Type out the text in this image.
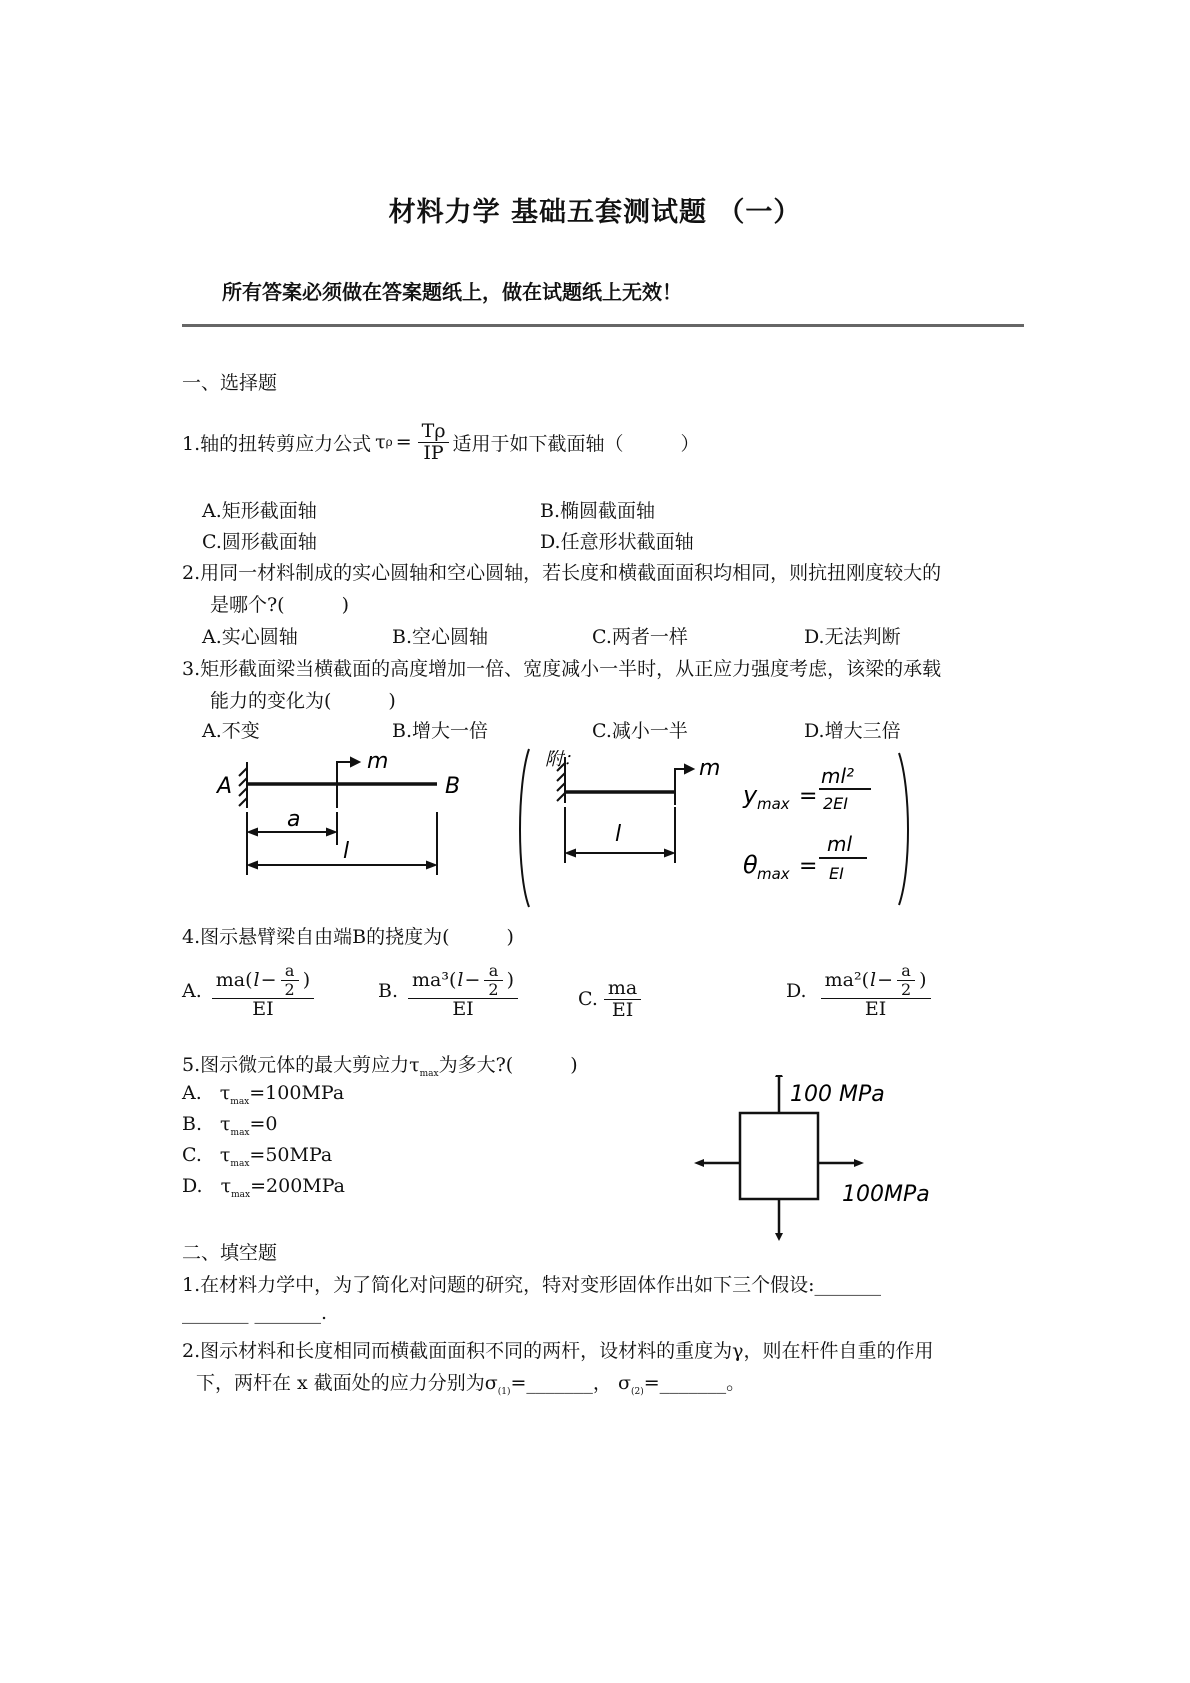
材料力学 基础五套测试题 （一）
所有答案必须做在答案题纸上，做在试题纸上无效！
一、选择题
1.轴的扭转剪应力公式 τ $\rho = \frac{T\rho}{IP}$ 适用于如下截面轴（　　　）
A.矩形截面轴	B.椭圆截面轴
C.圆形截面轴	D.任意形状截面轴
2.用同一材料制成的实心圆轴和空心圆轴，若长度和横截面面积均相同，则抗扭刚度较大的
是哪个?(　　　)
A.实心圆轴	B.空心圆轴	C.两者一样	D.无法判断
3.矩形截面梁当横截面的高度增加一倍、宽度减小一半时，从正应力强度考虑，该梁的承载
能力的变化为(　　　)
A.不变	B.增大一倍	C.减小一半	D.增大三倍
A	B
m
a
l
附：	m
l
y max =
ml²
2EI
θ max =
ml
EI
4.图示悬臂梁自由端B的挠度为(　　　)
A. $\frac{ma( l - \frac{a}{2} )}{EI}$	B. $\frac{ma^3( l - \frac{a}{2} )}{EI}$	C. $\frac{ma}{EI}$	D. $\frac{ma^2( l - \frac{a}{2} )}{EI}$
5.图示微元体的最大剪应力$\tau_{max}$为多大?(　　　)
A. $\tau_{max}=100MPa$
B. $\tau_{max}=0$
C. $\tau_{max}=50MPa$
D. $\tau_{max}=200MPa$
100 MPa
100MPa
二、填空题
1.在材料力学中，为了简化对问题的研究，特对变形固体作出如下三个假设:_______
_______ _______.
2.图示材料和长度相同而横截面面积不同的两杆，设材料的重度为γ，则在杆件自重的作用
下，两杆在 x 截面处的应力分别为$\sigma_{(1)}=\_\_\_\_\_\_\_$， $\sigma_{(2)}=\_\_\_\_\_\_\_$。
